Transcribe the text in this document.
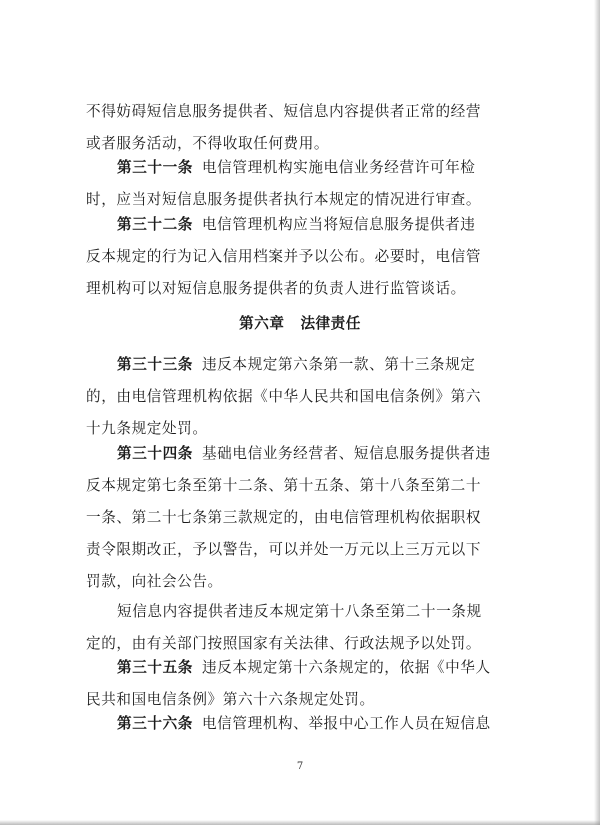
不得妨碍短信息服务提供者、短信息内容提供者正常的经营
或者服务活动，不得收取任何费用。
第三十一条 电信管理机构实施电信业务经营许可年检
时，应当对短信息服务提供者执行本规定的情况进行审查。
第三十二条 电信管理机构应当将短信息服务提供者违
反本规定的行为记入信用档案并予以公布。必要时，电信管
理机构可以对短信息服务提供者的负责人进行监管谈话。
第六章 法律责任
第三十三条 违反本规定第六条第一款、第十三条规定
的，由电信管理机构依据《中华人民共和国电信条例》第六
十九条规定处罚。
第三十四条 基础电信业务经营者、短信息服务提供者违
反本规定第七条至第十二条、第十五条、第十八条至第二十
一条、第二十七条第三款规定的，由电信管理机构依据职权
责令限期改正，予以警告，可以并处一万元以上三万元以下
罚款，向社会公告。
短信息内容提供者违反本规定第十八条至第二十一条规
定的，由有关部门按照国家有关法律、行政法规予以处罚。
第三十五条 违反本规定第十六条规定的，依据《中华人
民共和国电信条例》第六十六条规定处罚。
第三十六条 电信管理机构、举报中心工作人员在短信息
7
